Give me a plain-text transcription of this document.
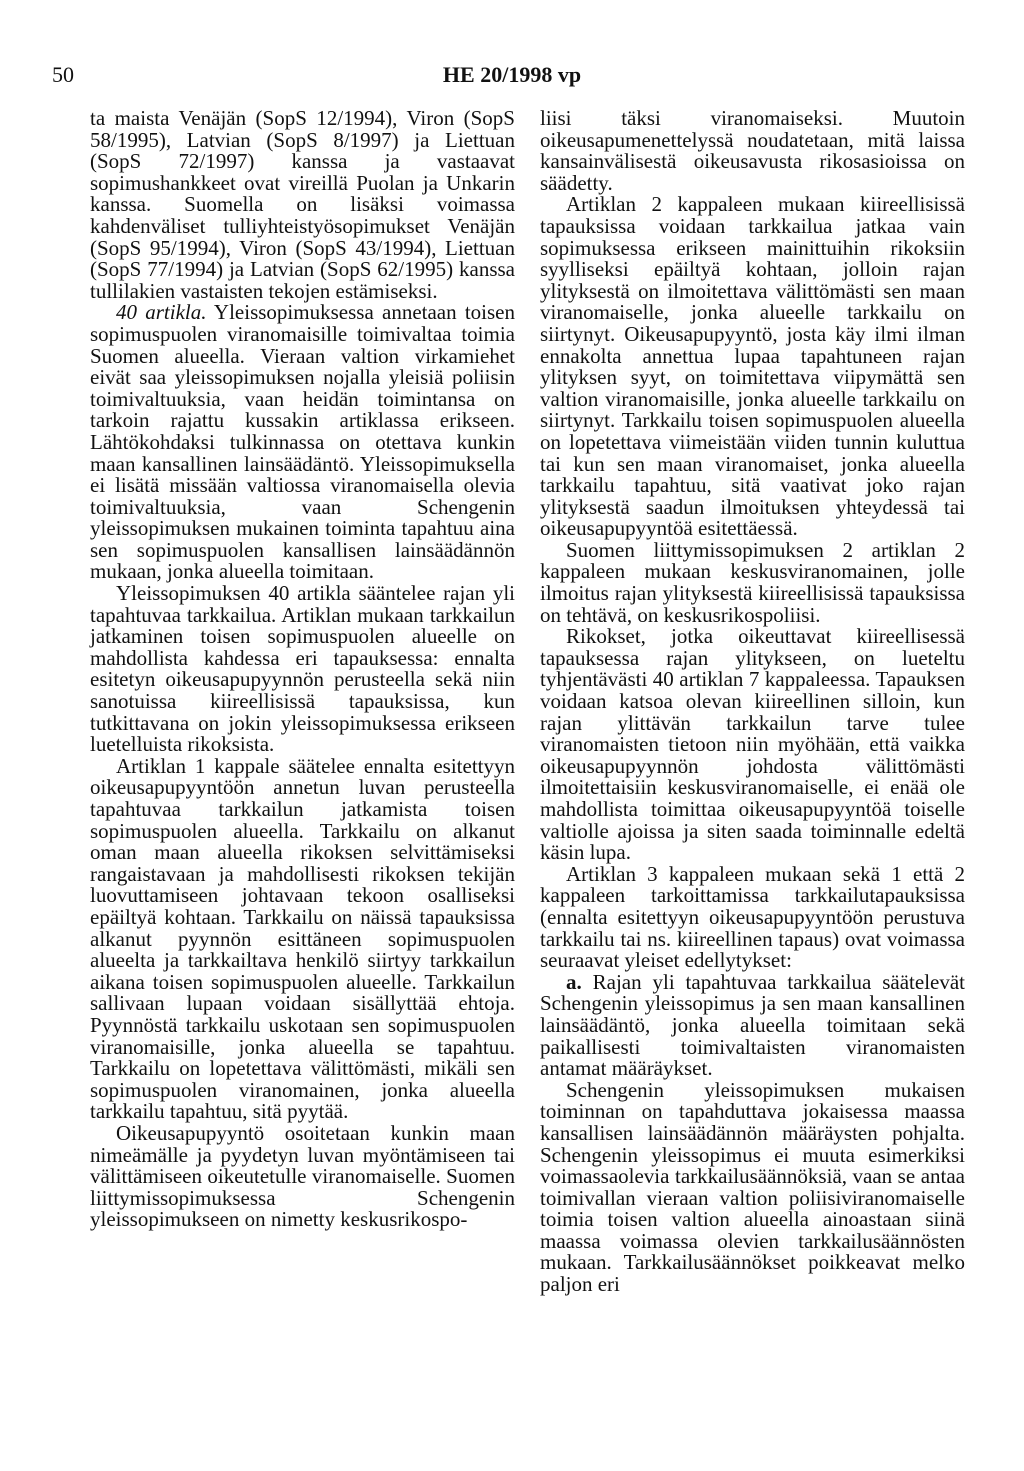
50	HE 20/1998 vp

ta maista Venäjän (SopS 12/1994), Viron (SopS 58/1995), Latvian (SopS 8/1997) ja Liettuan (SopS 72/1997) kanssa ja vastaavat sopimushankkeet ovat vireillä Puolan ja Unkarin kanssa. Suomella on lisäksi voimassa kahdenväliset tulliyhteistyösopimukset Venäjän (SopS 95/1994), Viron (SopS 43/1994), Liettuan (SopS 77/1994) ja Latvian (SopS 62/1995) kanssa tullilakien vastaisten tekojen estämiseksi.

40 artikla. Yleissopimuksessa annetaan toisen sopimuspuolen viranomaisille toimivaltaa toimia Suomen alueella. Vieraan valtion virkamiehet eivät saa yleissopimuksen nojalla yleisiä poliisin toimivaltuuksia, vaan heidän toimintansa on tarkoin rajattu kussakin artiklassa erikseen. Lähtökohdaksi tulkinnassa on otettava kunkin maan kansallinen lainsäädäntö. Yleissopimuksella ei lisätä missään valtiossa viranomaisella olevia toimivaltuuksia, vaan Schengenin yleissopimuksen mukainen toiminta tapahtuu aina sen sopimuspuolen kansallisen lainsäädännön mukaan, jonka alueella toimitaan.

Yleissopimuksen 40 artikla sääntelee rajan yli tapahtuvaa tarkkailua. Artiklan mukaan tarkkailun jatkaminen toisen sopimuspuolen alueelle on mahdollista kahdessa eri tapauksessa: ennalta esitetyn oikeusapupyynnön perusteella sekä niin sanotuissa kiireellisissä tapauksissa, kun tutkittavana on jokin yleissopimuksessa erikseen luetelluista rikoksista.

Artiklan 1 kappale säätelee ennalta esitettyyn oikeusapupyyntöön annetun luvan perusteella tapahtuvaa tarkkailun jatkamista toisen sopimuspuolen alueella. Tarkkailu on alkanut oman maan alueella rikoksen selvittämiseksi rangaistavaan ja mahdollisesti rikoksen tekijän luovuttamiseen johtavaan tekoon osalliseksi epäiltyä kohtaan. Tarkkailu on näissä tapauksissa alkanut pyynnön esittäneen sopimuspuolen alueelta ja tarkkailtava henkilö siirtyy tarkkailun aikana toisen sopimuspuolen alueelle. Tarkkailun sallivaan lupaan voidaan sisällyttää ehtoja. Pyynnöstä tarkkailu uskotaan sen sopimuspuolen viranomaisille, jonka alueella se tapahtuu. Tarkkailu on lopetettava välittömästi, mikäli sen sopimuspuolen viranomainen, jonka alueella tarkkailu tapahtuu, sitä pyytää.

Oikeusapupyyntö osoitetaan kunkin maan nimeämälle ja pyydetyn luvan myöntämiseen tai välittämiseen oikeutetulle viranomaiselle. Suomen liittymissopimuksessa Schengenin yleissopimukseen on nimetty keskusrikospo-

liisi täksi viranomaiseksi. Muutoin oikeusapumenettelyssä noudatetaan, mitä laissa kansainvälisestä oikeusavusta rikosasioissa on säädetty.

Artiklan 2 kappaleen mukaan kiireellisissä tapauksissa voidaan tarkkailua jatkaa vain sopimuksessa erikseen mainittuihin rikoksiin syylliseksi epäiltyä kohtaan, jolloin rajan ylityksestä on ilmoitettava välittömästi sen maan viranomaiselle, jonka alueelle tarkkailu on siirtynyt. Oikeusapupyyntö, josta käy ilmi ilman ennakolta annettua lupaa tapahtuneen rajan ylityksen syyt, on toimitettava viipymättä sen valtion viranomaisille, jonka alueelle tarkkailu on siirtynyt. Tarkkailu toisen sopimuspuolen alueella on lopetettava viimeistään viiden tunnin kuluttua tai kun sen maan viranomaiset, jonka alueella tarkkailu tapahtuu, sitä vaativat joko rajan ylityksestä saadun ilmoituksen yhteydessä tai oikeusapupyyntöä esitettäessä.

Suomen liittymissopimuksen 2 artiklan 2 kappaleen mukaan keskusviranomainen, jolle ilmoitus rajan ylityksestä kiireellisissä tapauksissa on tehtävä, on keskusrikospoliisi.

Rikokset, jotka oikeuttavat kiireellisessä tapauksessa rajan ylitykseen, on lueteltu tyhjentävästi 40 artiklan 7 kappaleessa. Tapauksen voidaan katsoa olevan kiireellinen silloin, kun rajan ylittävän tarkkailun tarve tulee viranomaisten tietoon niin myöhään, että vaikka oikeusapupyynnön johdosta välittömästi ilmoitettaisiin keskusviranomaiselle, ei enää ole mahdollista toimittaa oikeusapupyyntöä toiselle valtiolle ajoissa ja siten saada toiminnalle edeltä käsin lupa.

Artiklan 3 kappaleen mukaan sekä 1 että 2 kappaleen tarkoittamissa tarkkailutapauksissa (ennalta esitettyyn oikeusapupyyntöön perustuva tarkkailu tai ns. kiireellinen tapaus) ovat voimassa seuraavat yleiset edellytykset:

a. Rajan yli tapahtuvaa tarkkailua säätelevät Schengenin yleissopimus ja sen maan kansallinen lainsäädäntö, jonka alueella toimitaan sekä paikallisesti toimivaltaisten viranomaisten antamat määräykset.

Schengenin yleissopimuksen mukaisen toiminnan on tapahduttava jokaisessa maassa kansallisen lainsäädännön määräysten pohjalta. Schengenin yleissopimus ei muuta esimerkiksi voimassaolevia tarkkailusäännöksiä, vaan se antaa toimivallan vieraan valtion poliisiviranomaiselle toimia toisen valtion alueella ainoastaan siinä maassa voimassa olevien tarkkailusäännösten mukaan. Tarkkailusäännökset poikkeavat melko paljon eri
